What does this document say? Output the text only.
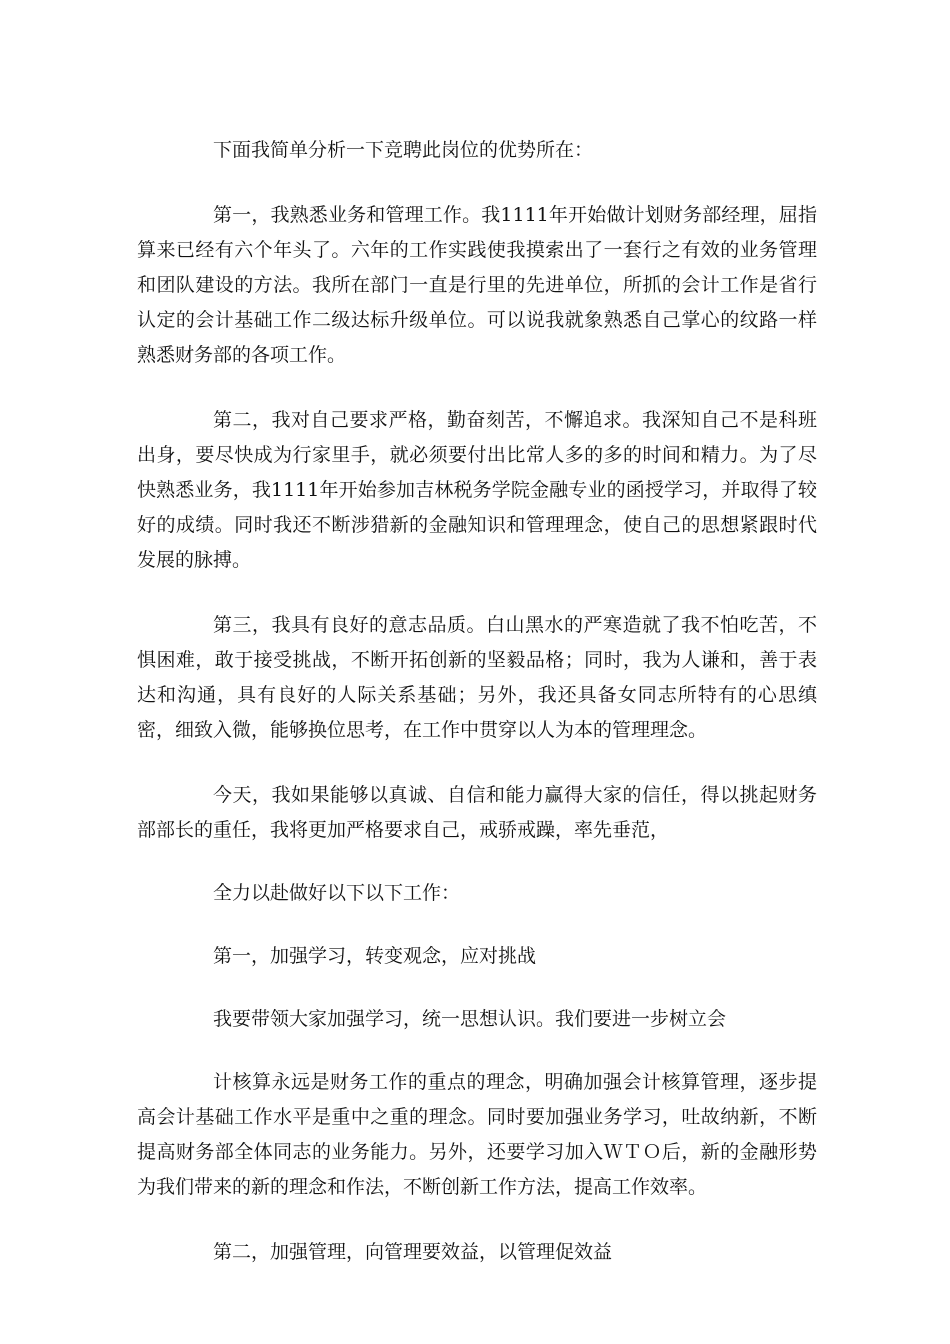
下面我简单分析一下竞聘此岗位的优势所在：

第一，我熟悉业务和管理工作。我1111年开始做计划财务部经理，屈指算来已经有六个年头了。六年的工作实践使我摸索出了一套行之有效的业务管理和团队建设的方法。我所在部门一直是行里的先进单位，所抓的会计工作是省行认定的会计基础工作二级达标升级单位。可以说我就象熟悉自己掌心的纹路一样熟悉财务部的各项工作。

第二，我对自己要求严格，勤奋刻苦，不懈追求。我深知自己不是科班出身，要尽快成为行家里手，就必须要付出比常人多的多的时间和精力。为了尽快熟悉业务，我1111年开始参加吉林税务学院金融专业的函授学习，并取得了较好的成绩。同时我还不断涉猎新的金融知识和管理理念，使自己的思想紧跟时代发展的脉搏。

第三，我具有良好的意志品质。白山黑水的严寒造就了我不怕吃苦，不惧困难，敢于接受挑战，不断开拓创新的坚毅品格；同时，我为人谦和，善于表达和沟通，具有良好的人际关系基础；另外，我还具备女同志所特有的心思缜密，细致入微，能够换位思考，在工作中贯穿以人为本的管理理念。

今天，我如果能够以真诚、自信和能力赢得大家的信任，得以挑起财务部部长的重任，我将更加严格要求自己，戒骄戒躁，率先垂范，

全力以赴做好以下以下工作：

第一，加强学习，转变观念，应对挑战

我要带领大家加强学习，统一思想认识。我们要进一步树立会

计核算永远是财务工作的重点的理念，明确加强会计核算管理，逐步提高会计基础工作水平是重中之重的理念。同时要加强业务学习，吐故纳新，不断提高财务部全体同志的业务能力。另外，还要学习加入ＷＴＯ后，新的金融形势为我们带来的新的理念和作法，不断创新工作方法，提高工作效率。

第二，加强管理，向管理要效益，以管理促效益
